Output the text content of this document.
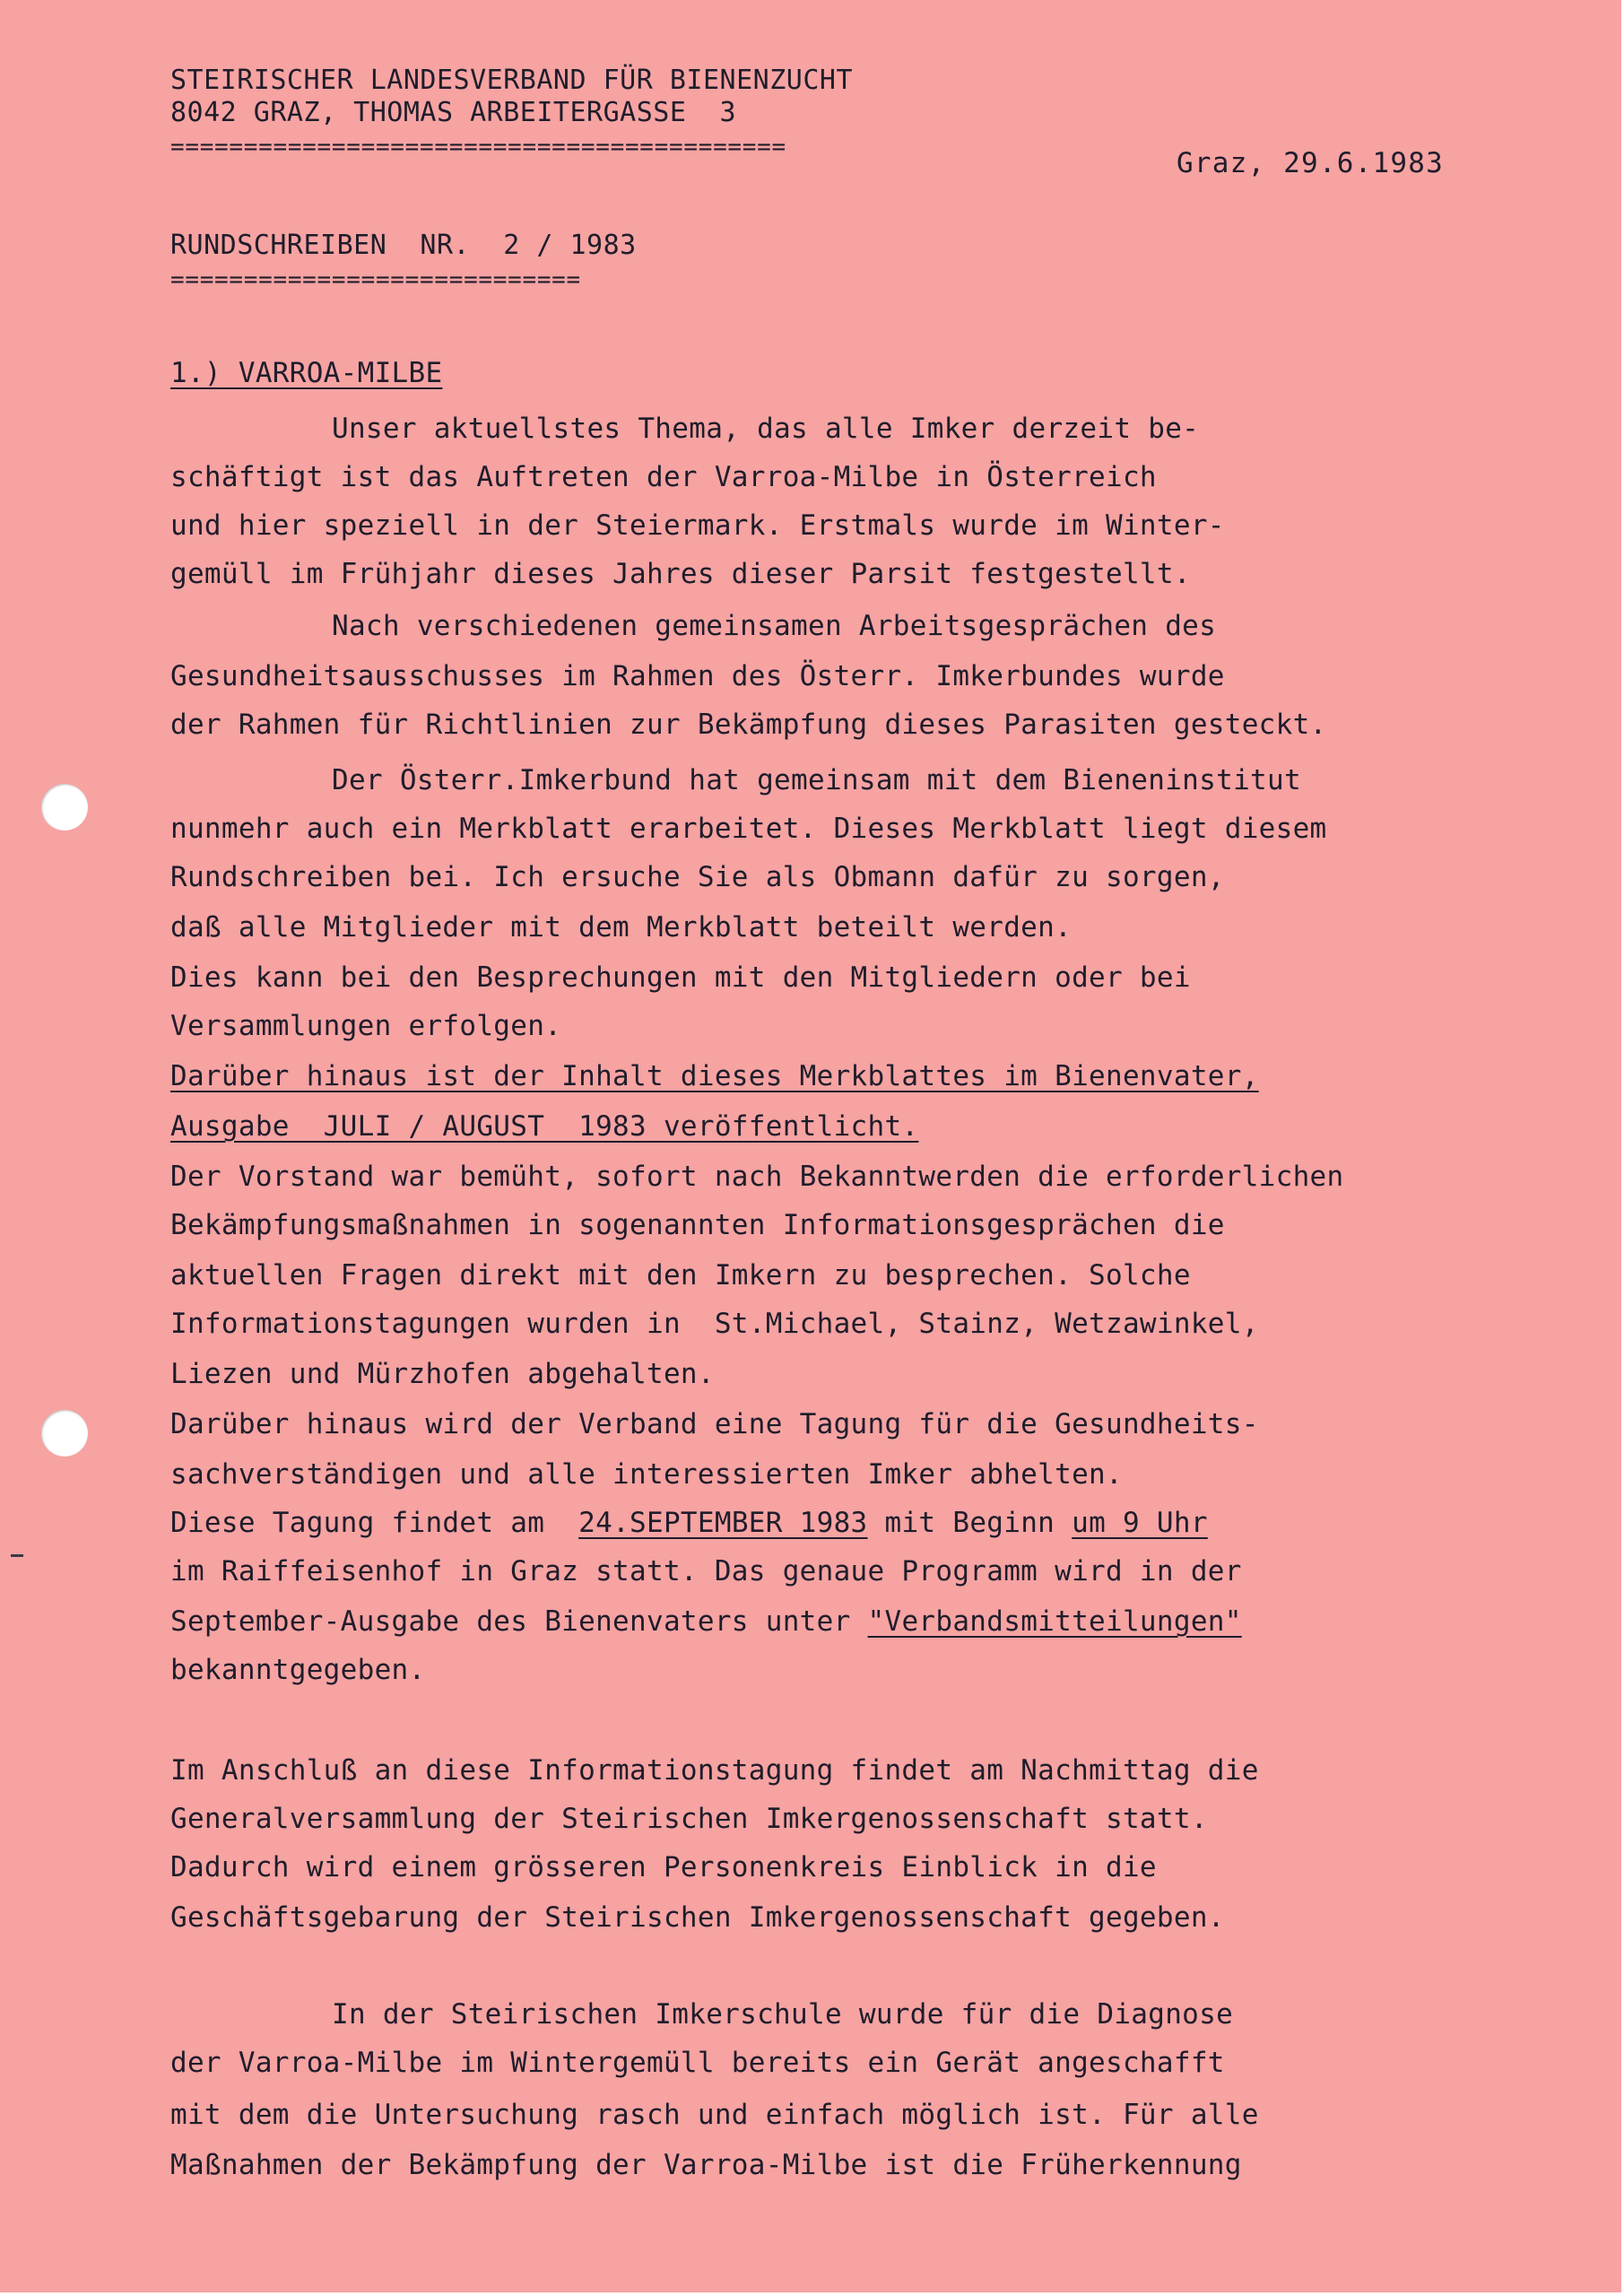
STEIRISCHER LANDESVERBAND FÜR BIENENZUCHT
8042 GRAZ, THOMAS ARBEITERGASSE  3
==========================================	Graz, 29.6.1983
RUNDSCHREIBEN  NR.  2 / 1983
============================
1.) VARROA-MILBE
Unser aktuellstes Thema, das alle Imker derzeit be-
schäftigt ist das Auftreten der Varroa-Milbe in Österreich
und hier speziell in der Steiermark. Erstmals wurde im Winter-
gemüll im Frühjahr dieses Jahres dieser Parsit festgestellt.
Nach verschiedenen gemeinsamen Arbeitsgesprächen des
Gesundheitsausschusses im Rahmen des Österr. Imkerbundes wurde
der Rahmen für Richtlinien zur Bekämpfung dieses Parasiten gesteckt.
Der Österr.Imkerbund hat gemeinsam mit dem Bieneninstitut
nunmehr auch ein Merkblatt erarbeitet. Dieses Merkblatt liegt diesem
Rundschreiben bei. Ich ersuche Sie als Obmann dafür zu sorgen,
daß alle Mitglieder mit dem Merkblatt beteilt werden.
Dies kann bei den Besprechungen mit den Mitgliedern oder bei
Versammlungen erfolgen.
Darüber hinaus ist der Inhalt dieses Merkblattes im Bienenvater,
Ausgabe  JULI / AUGUST  1983 veröffentlicht.
Der Vorstand war bemüht, sofort nach Bekanntwerden die erforderlichen
Bekämpfungsmaßnahmen in sogenannten Informationsgesprächen die
aktuellen Fragen direkt mit den Imkern zu besprechen. Solche
Informationstagungen wurden in  St.Michael, Stainz, Wetzawinkel,
Liezen und Mürzhofen abgehalten.
Darüber hinaus wird der Verband eine Tagung für die Gesundheits-
sachverständigen und alle interessierten Imker abhelten.
Diese Tagung findet am  24.SEPTEMBER 1983 mit Beginn um 9 Uhr
im Raiffeisenhof in Graz statt. Das genaue Programm wird in der
September-Ausgabe des Bienenvaters unter "Verbandsmitteilungen"
bekanntgegeben.
Im Anschluß an diese Informationstagung findet am Nachmittag die
Generalversammlung der Steirischen Imkergenossenschaft statt.
Dadurch wird einem grösseren Personenkreis Einblick in die
Geschäftsgebarung der Steirischen Imkergenossenschaft gegeben.
In der Steirischen Imkerschule wurde für die Diagnose
der Varroa-Milbe im Wintergemüll bereits ein Gerät angeschafft
mit dem die Untersuchung rasch und einfach möglich ist. Für alle
Maßnahmen der Bekämpfung der Varroa-Milbe ist die Früherkennung
